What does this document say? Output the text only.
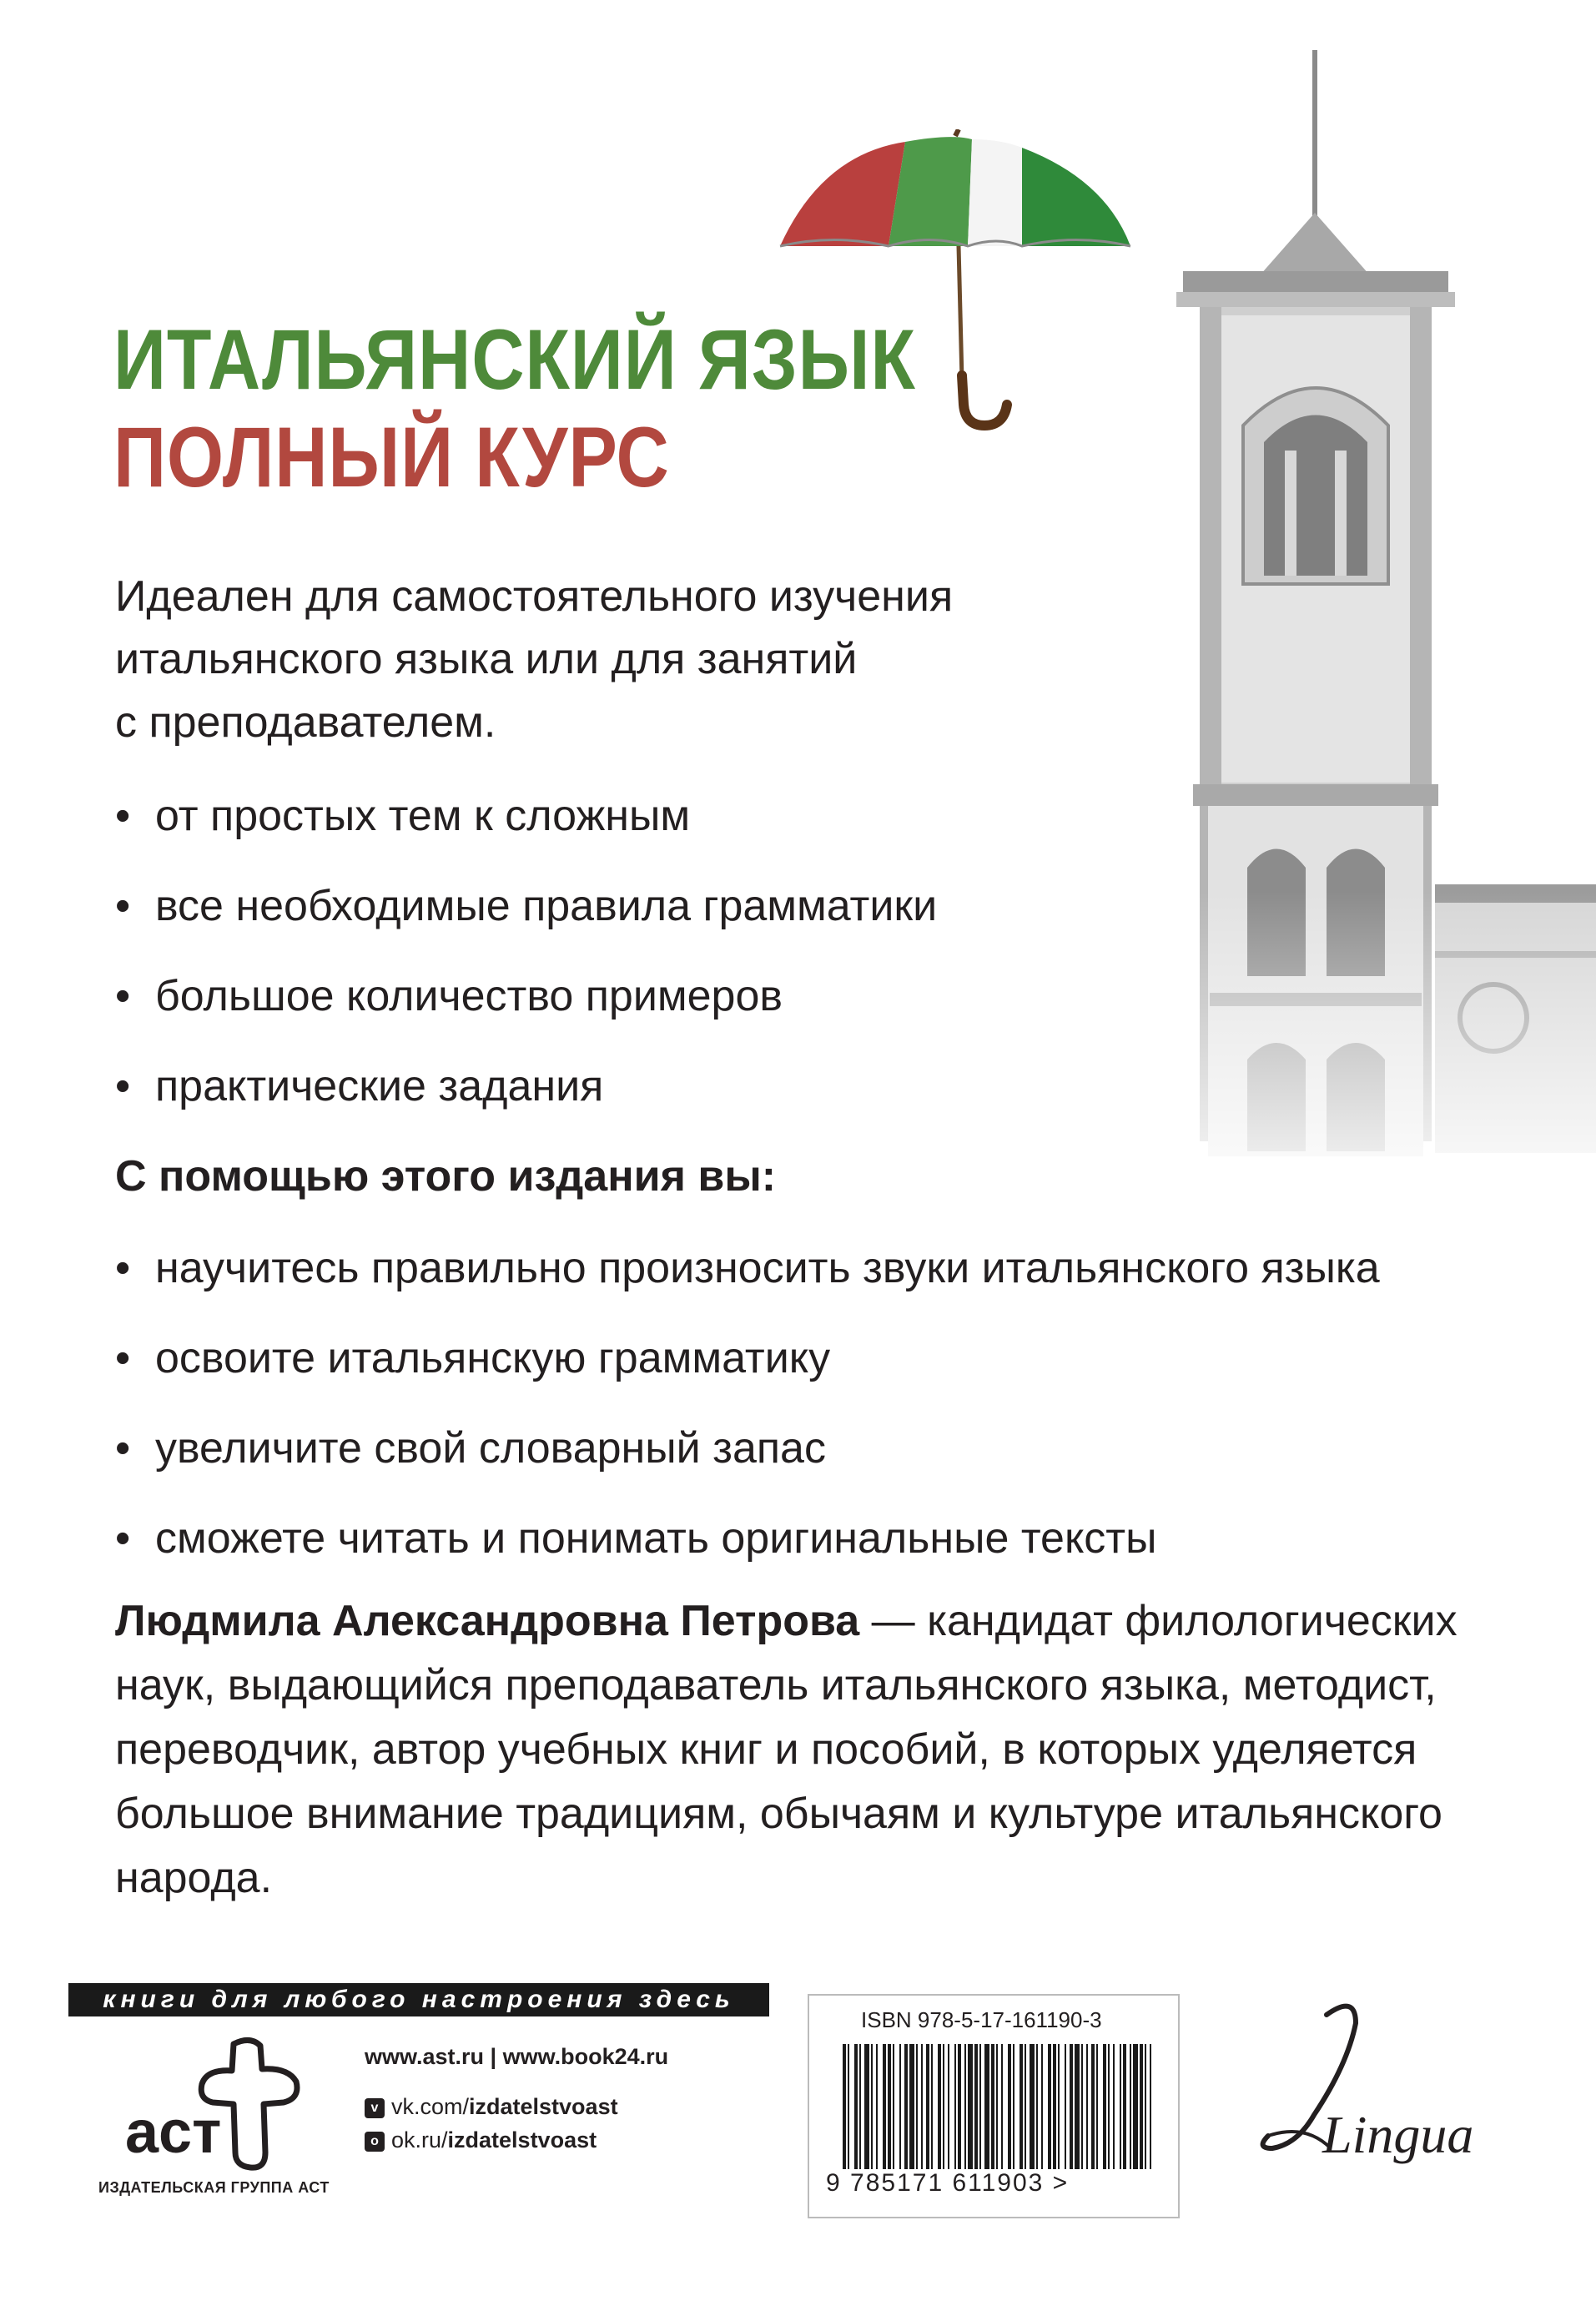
ИТАЛЬЯНСКИЙ ЯЗЫК
ПОЛНЫЙ КУРС

Идеален для самостоятельного изучения
итальянского языка или для занятий
с преподавателем.

• от простых тем к сложным
• все необходимые правила грамматики
• большое количество примеров
• практические задания

С помощью этого издания вы:

• научитесь правильно произносить звуки итальянского языка
• освоите итальянскую грамматику
• увеличите свой словарный запас
• сможете читать и понимать оригинальные тексты

Людмила Александровна Петрова — кандидат филологических
наук, выдающийся преподаватель итальянского языка, методист,
переводчик, автор учебных книг и пособий, в которых уделяется
большое внимание традициям, обычаям и культуре итальянского
народа.

книги для любого настроения здесь
аст
ИЗДАТЕЛЬСКАЯ ГРУППА АСТ
www.ast.ru | www.book24.ru
v vk.com/izdatelstvoast
o ok.ru/izdatelstvoast
ISBN 978-5-17-161190-3
9 785171 611903 >
Lingua
